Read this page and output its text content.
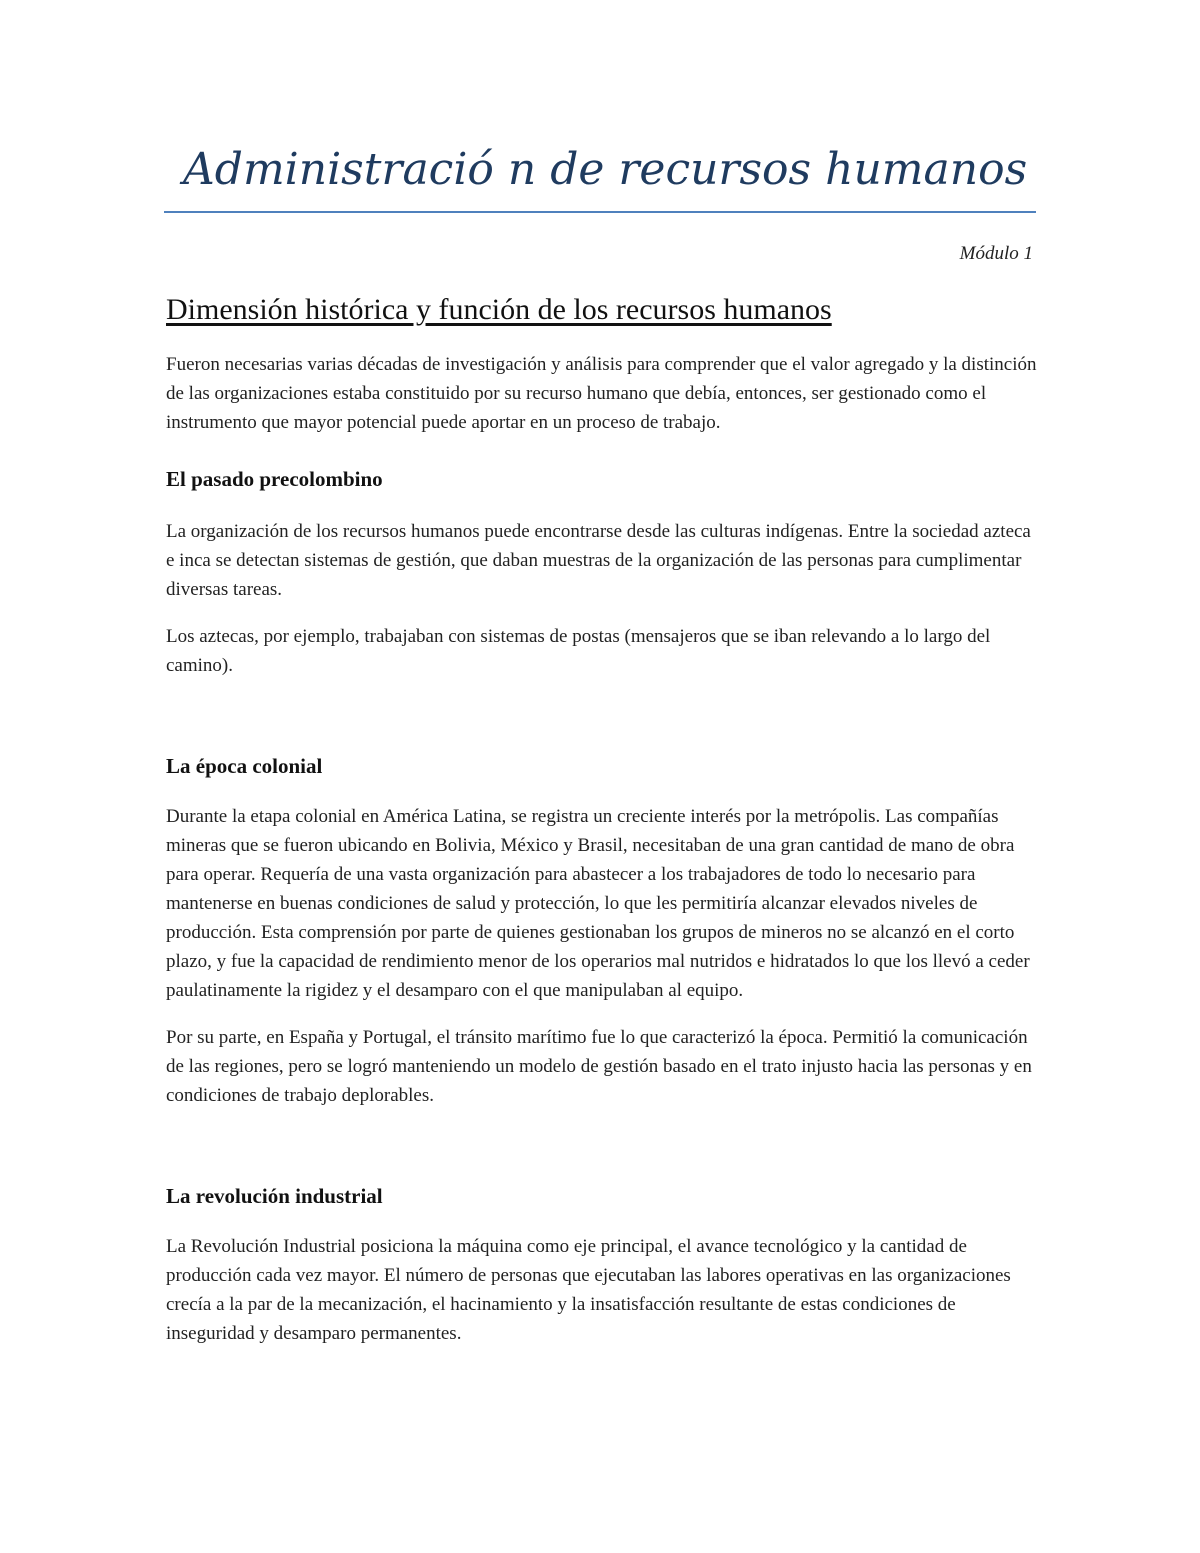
Administració n de recursos humanos
Módulo 1
Dimensión histórica y función de los recursos humanos

Fueron necesarias varias décadas de investigación y análisis para comprender que el valor agregado y la distinción de las organizaciones estaba constituido por su recurso humano que debía, entonces, ser gestionado como el instrumento que mayor potencial puede aportar en un proceso de trabajo.

El pasado precolombino

La organización de los recursos humanos puede encontrarse desde las culturas indígenas. Entre la sociedad azteca e inca se detectan sistemas de gestión, que daban muestras de la organización de las personas para cumplimentar diversas tareas.

Los aztecas, por ejemplo, trabajaban con sistemas de postas (mensajeros que se iban relevando a lo largo del camino).

La época colonial

Durante la etapa colonial en América Latina, se registra un creciente interés por la metrópolis. Las compañías mineras que se fueron ubicando en Bolivia, México y Brasil, necesitaban de una gran cantidad de mano de obra para operar. Requería de una vasta organización para abastecer a los trabajadores de todo lo necesario para mantenerse en buenas condiciones de salud y protección, lo que les permitiría alcanzar elevados niveles de producción. Esta comprensión por parte de quienes gestionaban los grupos de mineros no se alcanzó en el corto plazo, y fue la capacidad de rendimiento menor de los operarios mal nutridos e hidratados lo que los llevó a ceder paulatinamente la rigidez y el desamparo con el que manipulaban al equipo.

Por su parte, en España y Portugal, el tránsito marítimo fue lo que caracterizó la época. Permitió la comunicación de las regiones, pero se logró manteniendo un modelo de gestión basado en el trato injusto hacia las personas y en condiciones de trabajo deplorables.

La revolución industrial

La Revolución Industrial posiciona la máquina como eje principal, el avance tecnológico y la cantidad de producción cada vez mayor. El número de personas que ejecutaban las labores operativas en las organizaciones crecía a la par de la mecanización, el hacinamiento y la insatisfacción resultante de estas condiciones de inseguridad y desamparo permanentes.
